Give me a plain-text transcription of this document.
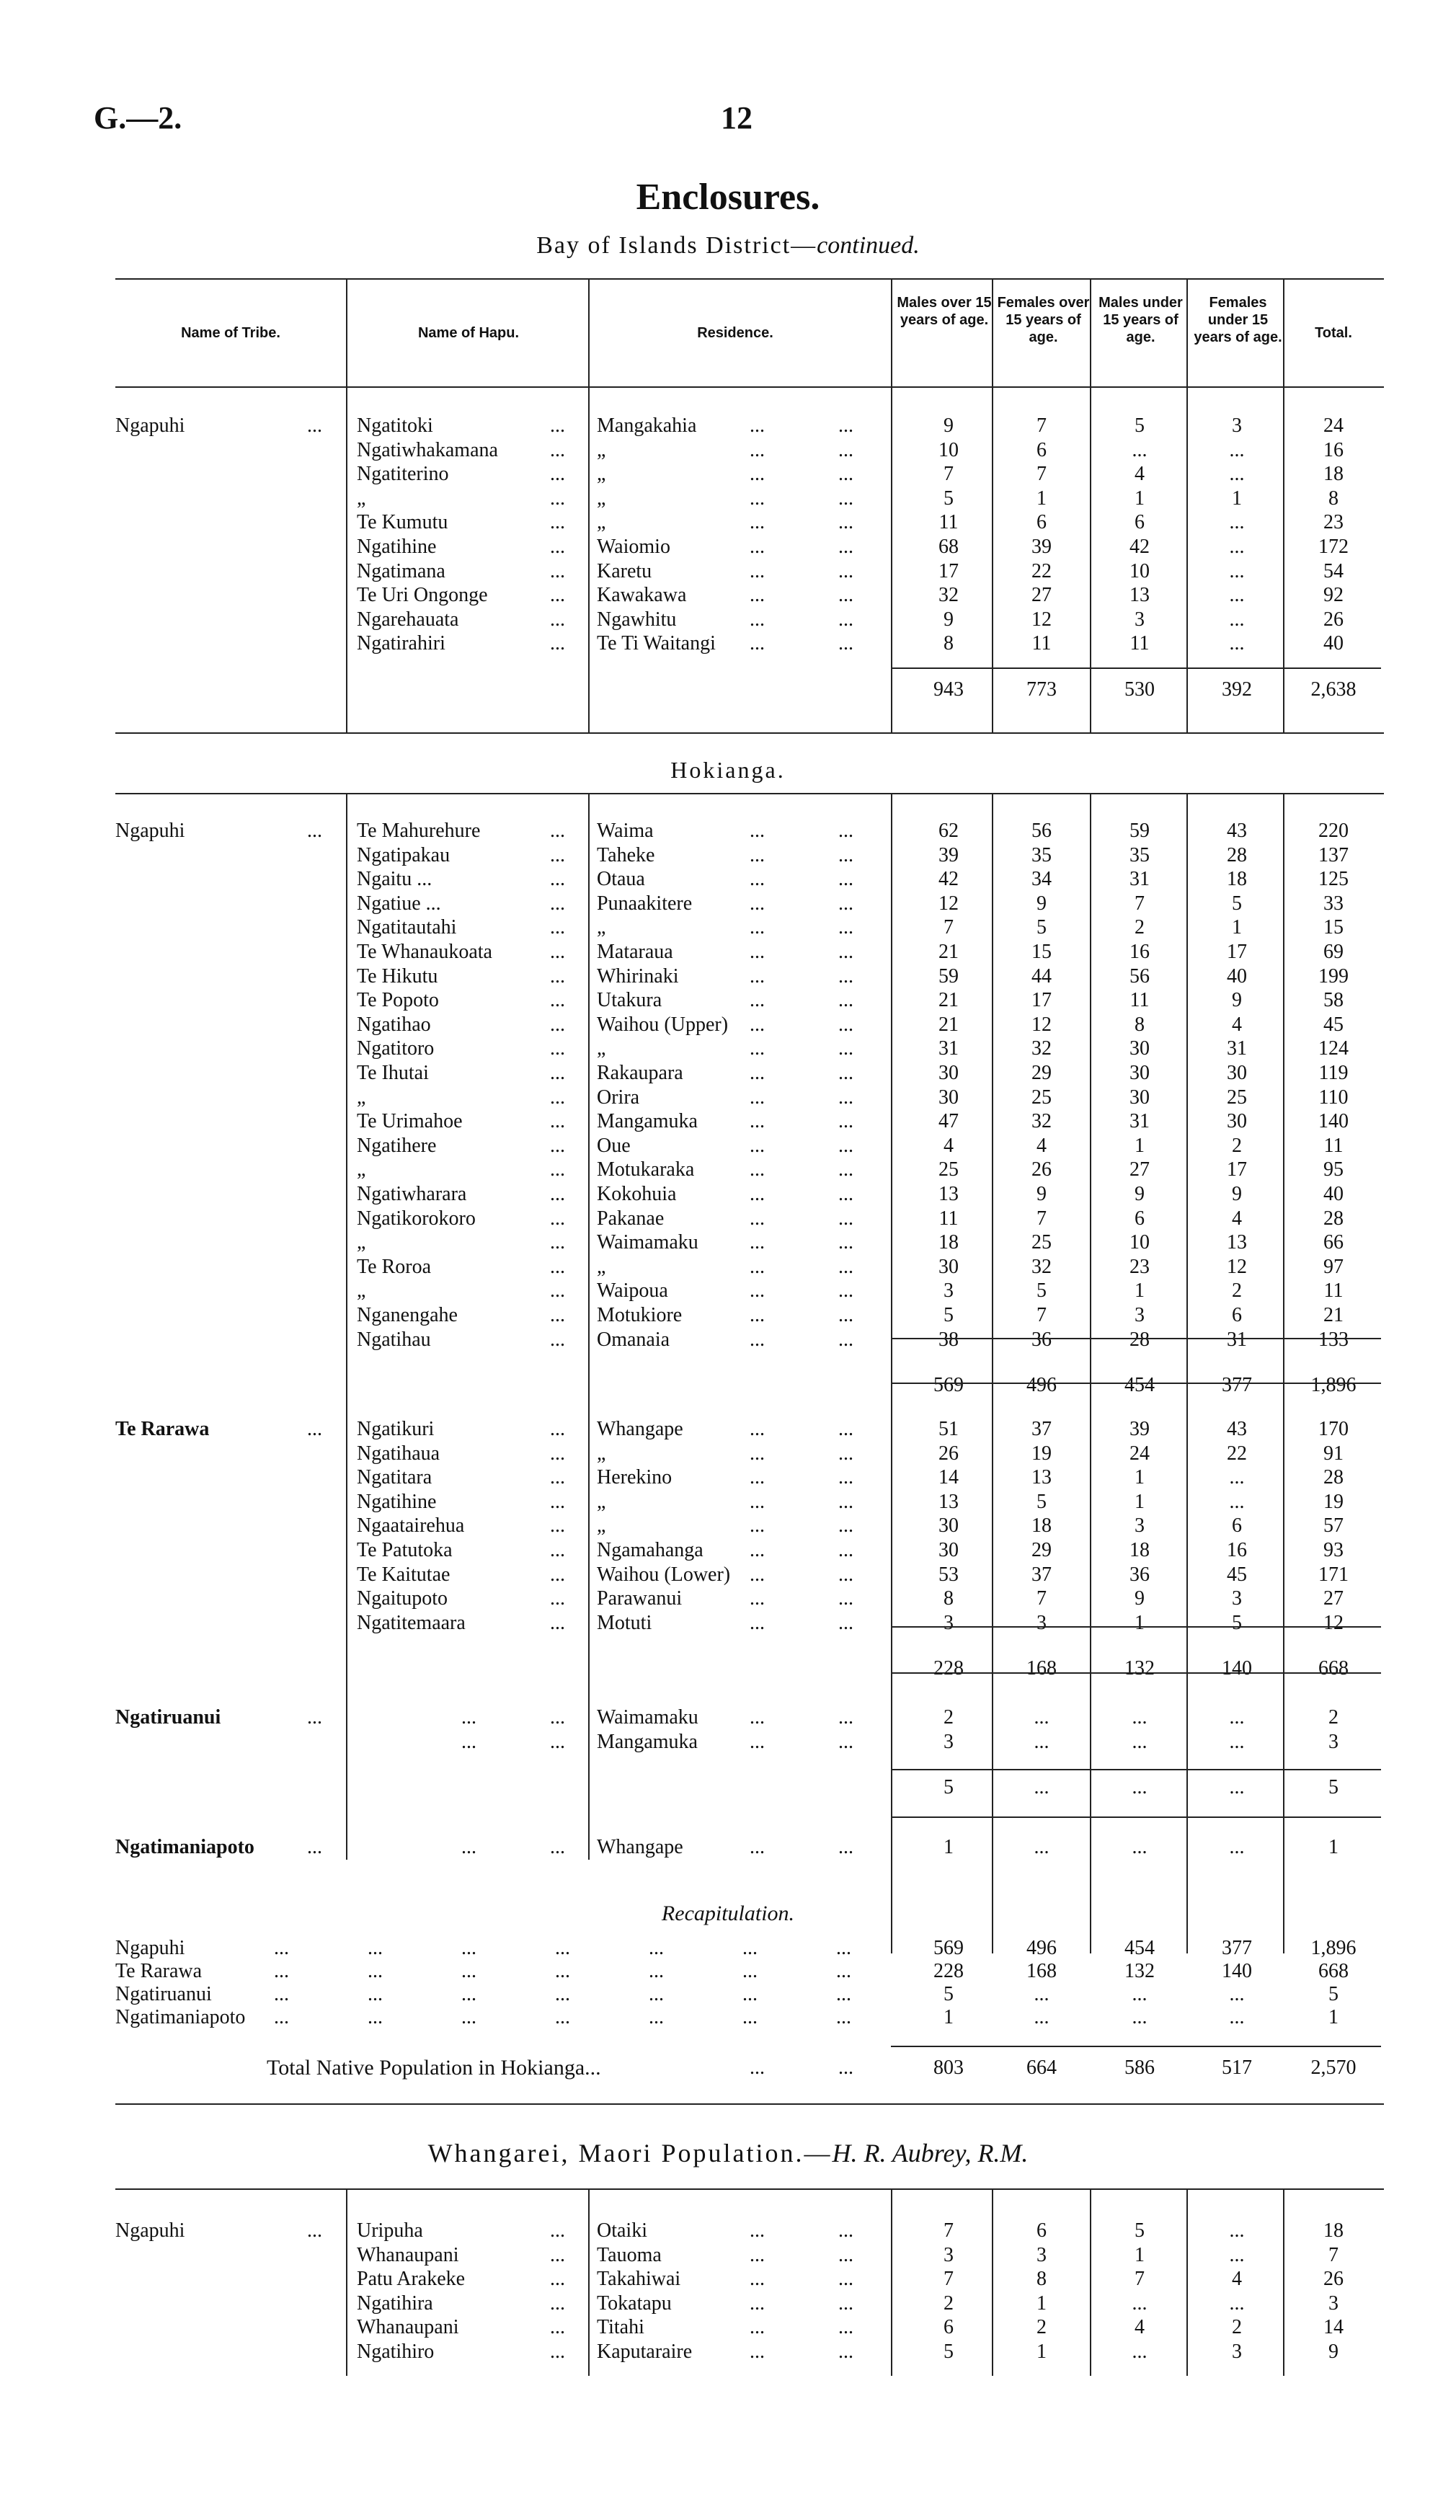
G.—2.	12
Enclosures.
Bay of Islands District—continued.
Name of Tribe.	Name of Hapu.	Residence.
Males over 15 years of age.
Females over 15 years of age.
Males under 15 years of age.
Females under 15 years of age.	Total.
Ngapuhi	... Ngatitoki	... Mangakahia	...	...	9	7	5	3	24
Ngatiwhakamana	... „	...	...	10	6	...	...	16
Ngatiterino	... „	...	...	7	7	4	...	18
„	... „	...	...	5	1	1	1	8
Te Kumutu	... „	...	...	11	6	6	...	23
Ngatihine	... Waiomio	...	...	68	39	42	...	172
Ngatimana	... Karetu	...	...	17	22	10	...	54
Te Uri Ongonge	... Kawakawa	...	...	32	27	13	...	92
Ngarehauata	... Ngawhitu	...	...	9	12	3	...	26
Ngatirahiri	... Te Ti Waitangi ...	...	8	11	11	...	40
943	773	530	392	2,638
Hokianga.
Ngapuhi	... Te Mahurehure	... Waima	...	...	62	56	59	43	220
Ngatipakau	... Taheke	...	...	39	35	35	28	137
Ngaitu ...	... Otaua	...	...	42	34	31	18	125
Ngatiue ...	... Punaakitere	...	...	12	9	7	5	33
Ngatitautahi	... „	...	...	7	5	2	1	15
Te Whanaukoata	... Mataraua	...	...	21	15	16	17	69
Te Hikutu	... Whirinaki	...	...	59	44	56	40	199
Te Popoto	... Utakura	...	...	21	17	11	9	58
Ngatihao	... Waihou (Upper) ...	...	21	12	8	4	45
Ngatitoro	... „	...	...	31	32	30	31	124
Te Ihutai	... Rakaupara	...	...	30	29	30	30	119
„	... Orira	...	...	30	25	30	25	110
Te Urimahoe	... Mangamuka	...	...	47	32	31	30	140
Ngatihere	... Oue	...	...	4	4	1	2	11
„	... Motukaraka	...	...	25	26	27	17	95
Ngatiwharara	... Kokohuia	...	...	13	9	9	9	40
Ngatikorokoro	... Pakanae	...	...	11	7	6	4	28
„	... Waimamaku	...	...	18	25	10	13	66
Te Roroa	... „	...	...	30	32	23	12	97
„	... Waipoua	...	...	3	5	1	2	11
Nganengahe	... Motukiore	...	...	5	7	3	6	21
Ngatihau	... Omanaia	...	...	38	36	28	31	133
569	496	454	377	1,896
Te Rarawa	... Ngatikuri	... Whangape	...	...	51	37	39	43	170
Ngatihaua	... „	...	...	26	19	24	22	91
Ngatitara	... Herekino	...	...	14	13	1	...	28
Ngatihine	... „	...	...	13	5	1	...	19
Ngaatairehua	... „	...	...	30	18	3	6	57
Te Patutoka	... Ngamahanga ...	...	30	29	18	16	93
Te Kaitutae	... Waihou (Lower) ...	...	53	37	36	45	171
Ngaitupoto	... Parawanui	...	...	8	7	9	3	27
Ngatitemaara	... Motuti	...	...	3	3	1	5	12
228	168	132	140	668
Ngatiruanui	...	...	... Waimamaku	...	...	2	...	...	...	2
...	... Mangamuka	...	...	3	...	...	...	3
5	...	...	...	5
Ngatimaniapoto	...	...	... Whangape	...	...	1	...	...	...	1
Recapitulation.
Ngapuhi	...	...	...	...	...	...	...	569	496	454	377	1,896
Te Rarawa	...	...	...	...	...	...	...	228	168	132	140	668
Ngatiruanui	...	...	...	...	...	...	...	5	...	...	...	5
Ngatimaniapoto ...	...	...	...	...	...	...	1	...	...	...	1
Total Native Population in Hokianga...	...	...	803	664	586	517	2,570
Whangarei, Maori Population.—H. R. Aubrey, R.M.
Ngapuhi	... Uripuha	... Otaiki	...	...	7	6	5	...	18
Whanaupani	... Tauoma	...	...	3	3	1	...	7
Patu Arakeke	... Takahiwai	...	...	7	8	7	4	26
Ngatihira	... Tokatapu	...	...	2	1	...	...	3
Whanaupani	... Titahi	...	...	6	2	4	2	14
Ngatihiro	... Kaputaraire	...	...	5	1	...	3	9
